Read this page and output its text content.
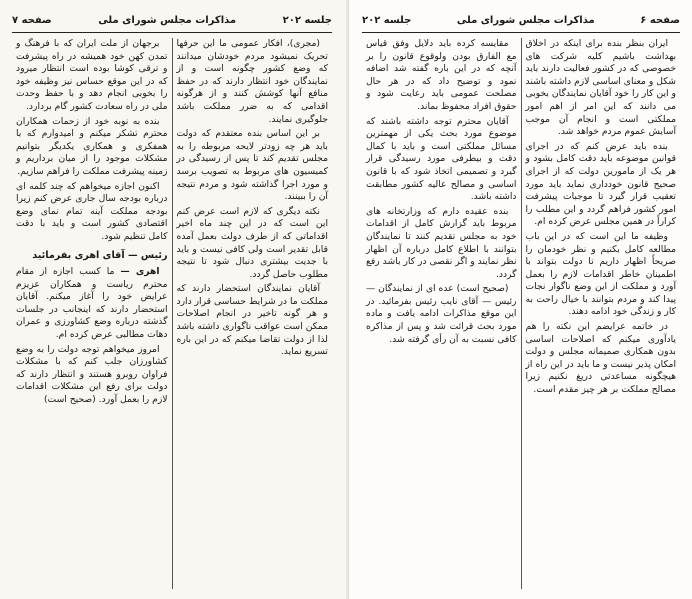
صفحه ۶
مذاکرات مجلس شورای ملی
جلسه ۲۰۲

ایران بنظر بنده برای اینکه در اخلاق بهداشت باشیم کلیه شرکت های خصوصی که در کشور فعالیت دارند باید شکل و معنای اساسی لازم داشته باشند و این کار را خود آقایان نمایندگان بخوبی می دانند که این امر از اهم امور مملکتی است و انجام آن موجب آسایش عموم مردم خواهد شد.

بنده باید عرض کنم که در اجرای قوانین موضوعه باید دقت کامل بشود و هر یک از مامورین دولت که از اجرای صحیح قانون خودداری نماید باید مورد تعقیب قرار گیرد تا موجبات پیشرفت امور کشور فراهم گردد و این مطلب را کراراً در همین مجلس عرض کرده ام.

وظیفه ما این است که در این باب مطالعه کامل بکنیم و نظر خودمان را صریحاً اظهار داریم تا دولت بتواند با اطمینان خاطر اقدامات لازم را بعمل آورد و مملکت از این وضع ناگوار نجات پیدا کند و مردم بتوانند با خیال راحت به کار و زندگی خود ادامه دهند.

در خاتمه عرایضم این نکته را هم یادآوری میکنم که اصلاحات اساسی بدون همکاری صمیمانه مجلس و دولت امکان پذیر نیست و ما باید در این راه از هیچگونه مساعدتی دریغ نکنیم زیرا مصالح مملکت بر هر چیز مقدم است.

مقایسه کرده باید دلایل وفق قیاس مع الفارق بودن ولوقوع قانون را بر آنچه که در این باره گفته شد اضافه نمود و توضیح داد که در هر حال مصلحت عمومی باید رعایت شود و حقوق افراد محفوظ بماند.

آقایان محترم توجه داشته باشند که موضوع مورد بحث یکی از مهمترین مسائل مملکتی است و باید با کمال دقت و بیطرفی مورد رسیدگی قرار گیرد و تصمیمی اتخاذ شود که با قانون اساسی و مصالح عالیه کشور مطابقت داشته باشد.

بنده عقیده دارم که وزارتخانه های مربوط باید گزارش کامل از اقدامات خود به مجلس تقدیم کنند تا نمایندگان بتوانند با اطلاع کامل درباره آن اظهار نظر نمایند و اگر نقصی در کار باشد رفع گردد.

(صحیح است) عده ای از نمایندگان — رئیس — آقای نایب رئیس بفرمائید. در این موقع مذاکرات ادامه یافت و ماده مورد بحث قرائت شد و پس از مذاکره کافی نسبت به آن رأی گرفته شد.

جلسه ۲۰۲
مذاکرات مجلس شورای ملی
صفحه ۷

(مجری)، افکار عمومی ما این حرفها تحریک نمیشود مردم خودشان میدانند که وضع کشور چگونه است و از نمایندگان خود انتظار دارند که در حفظ منافع آنها کوشش کنند و از هرگونه اقدامی که به ضرر مملکت باشد جلوگیری نمایند.

بر این اساس بنده معتقدم که دولت باید هر چه زودتر لایحه مربوطه را به مجلس تقدیم کند تا پس از رسیدگی در کمیسیون های مربوط به تصویب برسد و مورد اجرا گذاشته شود و مردم نتیجه آن را ببینند.

نکته دیگری که لازم است عرض کنم این است که در این چند ماه اخیر اقداماتی که از طرف دولت بعمل آمده قابل تقدیر است ولی کافی نیست و باید با جدیت بیشتری دنبال شود تا نتیجه مطلوب حاصل گردد.

آقایان نمایندگان استحضار دارند که مملکت ما در شرایط حساسی قرار دارد و هر گونه تاخیر در انجام اصلاحات ممکن است عواقب ناگواری داشته باشد لذا از دولت تقاضا میکنم که در این باره تسریع نماید.

برجهان از ملت ایران که با فرهنگ و تمدن کهن خود همیشه در راه پیشرفت و ترقی کوشا بوده است انتظار میرود که در این موقع حساس نیز وظیفه خود را بخوبی انجام دهد و با حفظ وحدت ملی در راه سعادت کشور گام بردارد.

بنده به نوبه خود از زحمات همکاران محترم تشکر میکنم و امیدوارم که با همفکری و همکاری یکدیگر بتوانیم مشکلات موجود را از میان برداریم و زمینه پیشرفت مملکت را فراهم سازیم.

اکنون اجازه میخواهم که چند کلمه ای درباره بودجه سال جاری عرض کنم زیرا بودجه مملکت آینه تمام نمای وضع اقتصادی کشور است و باید با دقت کامل تنظیم شود.

رئیس — آقای اهری بفرمائید

اهری — ما کسب اجازه از مقام محترم ریاست و همکاران عزیزم عرایض خود را آغاز میکنم. آقایان استحضار دارند که اینجانب در جلسات گذشته درباره وضع کشاورزی و عمران دهات مطالبی عرض کرده ام.

امروز میخواهم توجه دولت را به وضع کشاورزان جلب کنم که با مشکلات فراوان روبرو هستند و انتظار دارند که دولت برای رفع این مشکلات اقدامات لازم را بعمل آورد. (صحیح است)
